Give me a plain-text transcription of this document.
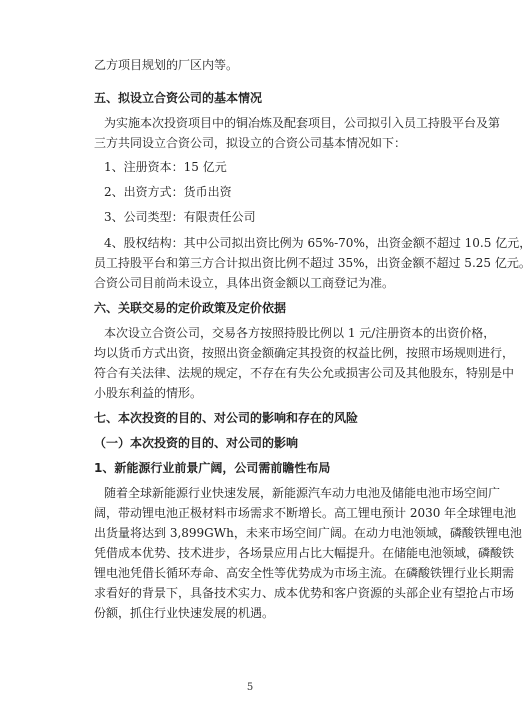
乙方项目规划的厂区内等。
五、拟设立合资公司的基本情况
为实施本次投资项目中的铜冶炼及配套项目，公司拟引入员工持股平台及第
三方共同设立合资公司，拟设立的合资公司基本情况如下：
1、注册资本：15 亿元
2、出资方式：货币出资
3、公司类型：有限责任公司
4、股权结构：其中公司拟出资比例为 65%-70%，出资金额不超过 10.5 亿元，
员工持股平台和第三方合计拟出资比例不超过 35%，出资金额不超过 5.25 亿元。
合资公司目前尚未设立，具体出资金额以工商登记为准。
六、关联交易的定价政策及定价依据
本次设立合资公司，交易各方按照持股比例以 1 元/注册资本的出资价格，
均以货币方式出资，按照出资金额确定其投资的权益比例，按照市场规则进行，
符合有关法律、法规的规定，不存在有失公允或损害公司及其他股东，特别是中
小股东利益的情形。
七、本次投资的目的、对公司的影响和存在的风险
（一）本次投资的目的、对公司的影响
1、新能源行业前景广阔，公司需前瞻性布局
随着全球新能源行业快速发展，新能源汽车动力电池及储能电池市场空间广
阔，带动锂电池正极材料市场需求不断增长。高工锂电预计 2030 年全球锂电池
出货量将达到 3,899GWh，未来市场空间广阔。在动力电池领域，磷酸铁锂电池
凭借成本优势、技术进步，各场景应用占比大幅提升。在储能电池领域，磷酸铁
锂电池凭借长循环寿命、高安全性等优势成为市场主流。在磷酸铁锂行业长期需
求看好的背景下，具备技术实力、成本优势和客户资源的头部企业有望抢占市场
份额，抓住行业快速发展的机遇。
5
